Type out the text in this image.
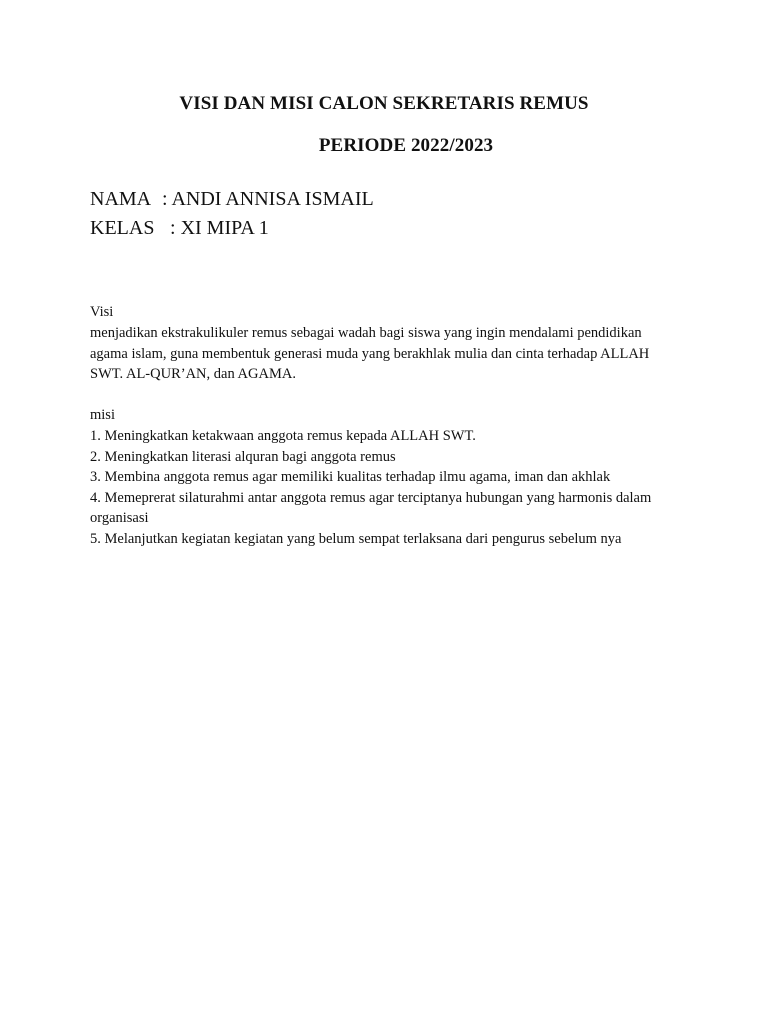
VISI DAN MISI CALON SEKRETARIS REMUS
PERIODE 2022/2023
NAMA : ANDI ANNISA ISMAIL
KELAS : XI MIPA 1
Visi
menjadikan ekstrakulikuler remus sebagai wadah bagi siswa yang ingin mendalami pendidikan
agama islam, guna membentuk generasi muda yang berakhlak mulia dan cinta terhadap ALLAH
SWT. AL-QUR’AN, dan AGAMA.
misi
1. Meningkatkan ketakwaan anggota remus kepada ALLAH SWT.
2. Meningkatkan literasi alquran bagi anggota remus
3. Membina anggota remus agar memiliki kualitas terhadap ilmu agama, iman dan akhlak
4. Memeprerat silaturahmi antar anggota remus agar terciptanya hubungan yang harmonis dalam
organisasi
5. Melanjutkan kegiatan kegiatan yang belum sempat terlaksana dari pengurus sebelum nya
